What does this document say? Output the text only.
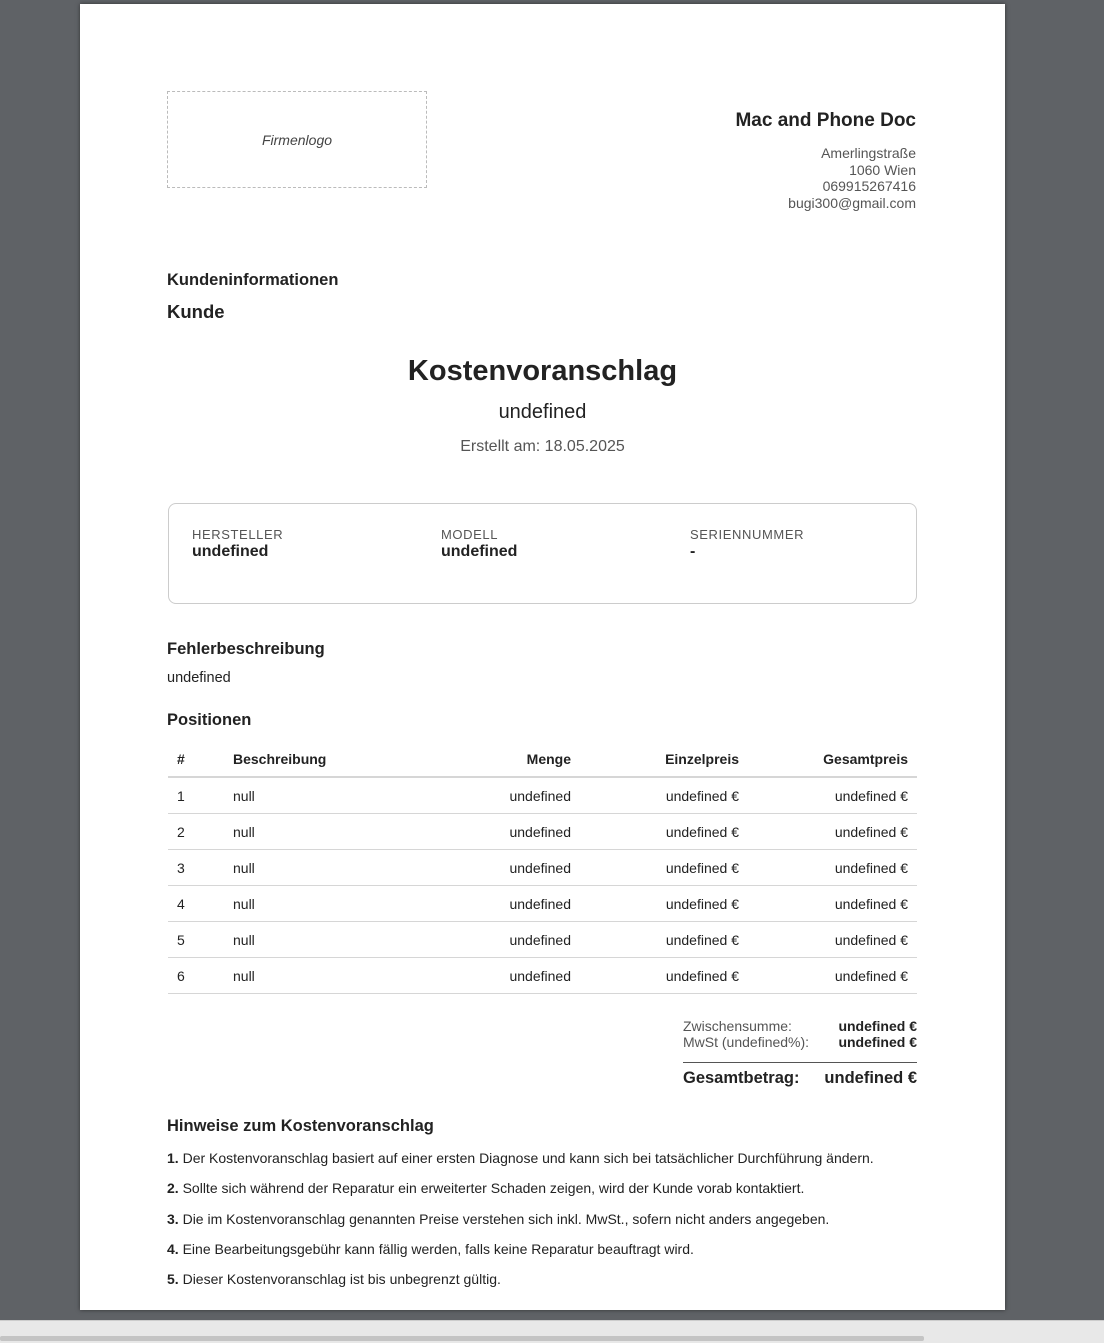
Firmenlogo
Mac and Phone Doc
Amerlingstraße
1060 Wien
069915267416
bugi300@gmail.com
Kundeninformationen
Kunde
Kostenvoranschlag
undefined
Erstellt am: 18.05.2025
HERSTELLER
undefined
MODELL
undefined
SERIENNUMMER
-
Fehlerbeschreibung
undefined
Positionen
#	Beschreibung	Menge	Einzelpreis	Gesamtpreis
1	null	undefined	undefined €	undefined €
2	null	undefined	undefined €	undefined €
3	null	undefined	undefined €	undefined €
4	null	undefined	undefined €	undefined €
5	null	undefined	undefined €	undefined €
6	null	undefined	undefined €	undefined €
Zwischensumme:	undefined €
MwSt (undefined%): undefined €
Gesamtbetrag: undefined €
Hinweise zum Kostenvoranschlag
1. Der Kostenvoranschlag basiert auf einer ersten Diagnose und kann sich bei tatsächlicher Durchführung ändern.
2. Sollte sich während der Reparatur ein erweiterter Schaden zeigen, wird der Kunde vorab kontaktiert.
3. Die im Kostenvoranschlag genannten Preise verstehen sich inkl. MwSt., sofern nicht anders angegeben.
4. Eine Bearbeitungsgebühr kann fällig werden, falls keine Reparatur beauftragt wird.
5. Dieser Kostenvoranschlag ist bis unbegrenzt gültig.
